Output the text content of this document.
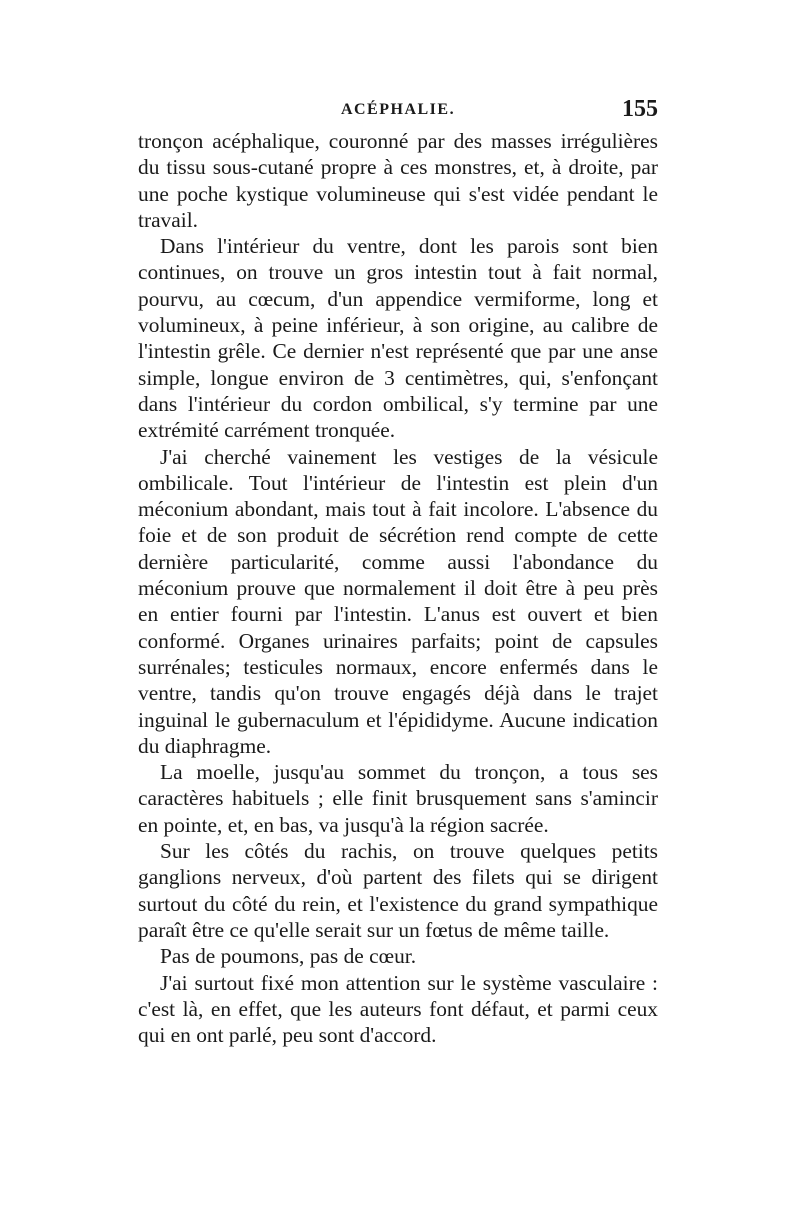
ACÉPHALIE.	155

tronçon acéphalique, couronné par des masses irrégulières du tissu sous-cutané propre à ces monstres, et, à droite, par une poche kystique volumineuse qui s'est vidée pendant le travail.

Dans l'intérieur du ventre, dont les parois sont bien continues, on trouve un gros intestin tout à fait normal, pourvu, au cœcum, d'un appendice vermiforme, long et volumineux, à peine inférieur, à son origine, au calibre de l'intestin grêle. Ce dernier n'est représenté que par une anse simple, longue environ de 3 centimètres, qui, s'enfonçant dans l'intérieur du cordon ombilical, s'y termine par une extrémité carrément tronquée.

J'ai cherché vainement les vestiges de la vésicule ombilicale. Tout l'intérieur de l'intestin est plein d'un méconium abondant, mais tout à fait incolore. L'absence du foie et de son produit de sécrétion rend compte de cette dernière particularité, comme aussi l'abondance du méconium prouve que normalement il doit être à peu près en entier fourni par l'intestin. L'anus est ouvert et bien conformé. Organes urinaires parfaits; point de capsules surrénales; testicules normaux, encore enfermés dans le ventre, tandis qu'on trouve engagés déjà dans le trajet inguinal le gubernaculum et l'épididyme. Aucune indication du diaphragme.

La moelle, jusqu'au sommet du tronçon, a tous ses caractères habituels ; elle finit brusquement sans s'amincir en pointe, et, en bas, va jusqu'à la région sacrée.

Sur les côtés du rachis, on trouve quelques petits ganglions nerveux, d'où partent des filets qui se dirigent surtout du côté du rein, et l'existence du grand sympathique paraît être ce qu'elle serait sur un fœtus de même taille.

Pas de poumons, pas de cœur.

J'ai surtout fixé mon attention sur le système vasculaire : c'est là, en effet, que les auteurs font défaut, et parmi ceux qui en ont parlé, peu sont d'accord.
